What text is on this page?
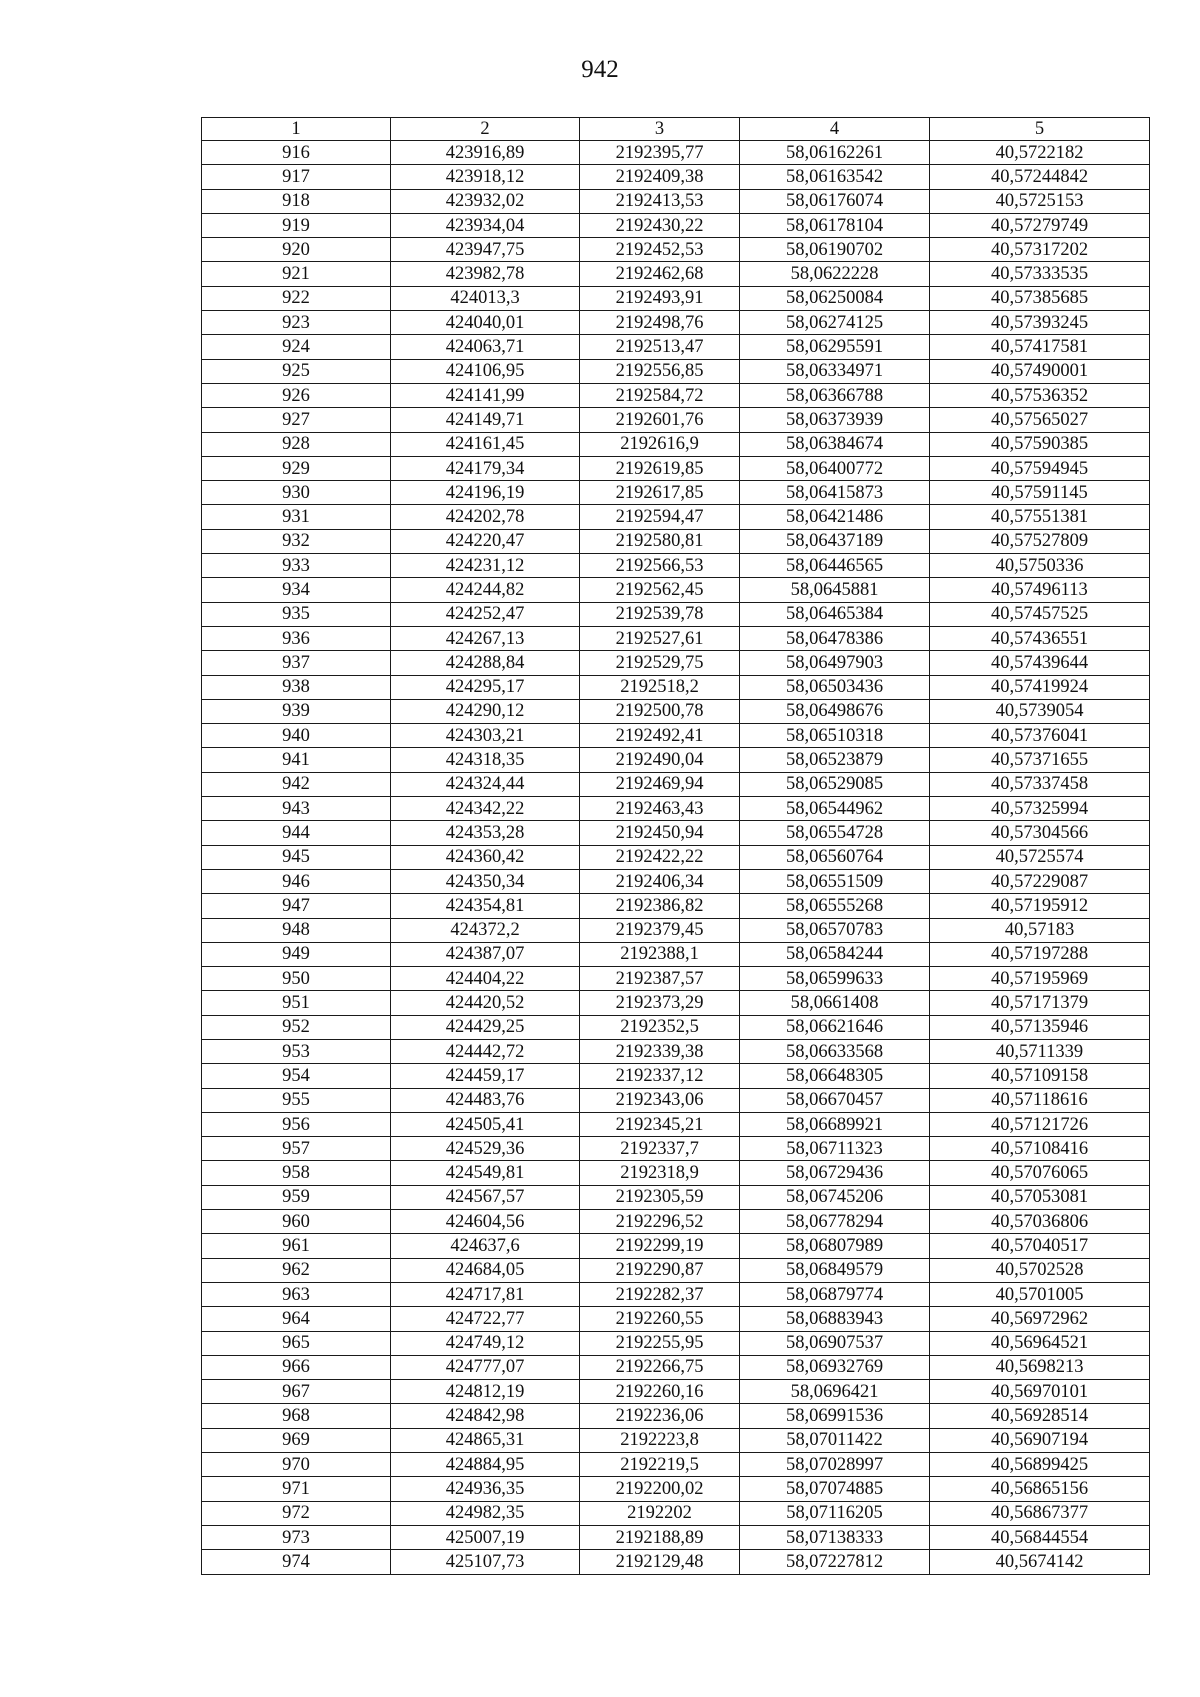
942
1	2	3	4	5
916	423916,89	2192395,77	58,06162261	40,5722182
917	423918,12	2192409,38	58,06163542	40,57244842
918	423932,02	2192413,53	58,06176074	40,5725153
919	423934,04	2192430,22	58,06178104	40,57279749
920	423947,75	2192452,53	58,06190702	40,57317202
921	423982,78	2192462,68	58,0622228	40,57333535
922	424013,3	2192493,91	58,06250084	40,57385685
923	424040,01	2192498,76	58,06274125	40,57393245
924	424063,71	2192513,47	58,06295591	40,57417581
925	424106,95	2192556,85	58,06334971	40,57490001
926	424141,99	2192584,72	58,06366788	40,57536352
927	424149,71	2192601,76	58,06373939	40,57565027
928	424161,45	2192616,9	58,06384674	40,57590385
929	424179,34	2192619,85	58,06400772	40,57594945
930	424196,19	2192617,85	58,06415873	40,57591145
931	424202,78	2192594,47	58,06421486	40,57551381
932	424220,47	2192580,81	58,06437189	40,57527809
933	424231,12	2192566,53	58,06446565	40,5750336
934	424244,82	2192562,45	58,0645881	40,57496113
935	424252,47	2192539,78	58,06465384	40,57457525
936	424267,13	2192527,61	58,06478386	40,57436551
937	424288,84	2192529,75	58,06497903	40,57439644
938	424295,17	2192518,2	58,06503436	40,57419924
939	424290,12	2192500,78	58,06498676	40,5739054
940	424303,21	2192492,41	58,06510318	40,57376041
941	424318,35	2192490,04	58,06523879	40,57371655
942	424324,44	2192469,94	58,06529085	40,57337458
943	424342,22	2192463,43	58,06544962	40,57325994
944	424353,28	2192450,94	58,06554728	40,57304566
945	424360,42	2192422,22	58,06560764	40,5725574
946	424350,34	2192406,34	58,06551509	40,57229087
947	424354,81	2192386,82	58,06555268	40,57195912
948	424372,2	2192379,45	58,06570783	40,57183
949	424387,07	2192388,1	58,06584244	40,57197288
950	424404,22	2192387,57	58,06599633	40,57195969
951	424420,52	2192373,29	58,0661408	40,57171379
952	424429,25	2192352,5	58,06621646	40,57135946
953	424442,72	2192339,38	58,06633568	40,5711339
954	424459,17	2192337,12	58,06648305	40,57109158
955	424483,76	2192343,06	58,06670457	40,57118616
956	424505,41	2192345,21	58,06689921	40,57121726
957	424529,36	2192337,7	58,06711323	40,57108416
958	424549,81	2192318,9	58,06729436	40,57076065
959	424567,57	2192305,59	58,06745206	40,57053081
960	424604,56	2192296,52	58,06778294	40,57036806
961	424637,6	2192299,19	58,06807989	40,57040517
962	424684,05	2192290,87	58,06849579	40,5702528
963	424717,81	2192282,37	58,06879774	40,5701005
964	424722,77	2192260,55	58,06883943	40,56972962
965	424749,12	2192255,95	58,06907537	40,56964521
966	424777,07	2192266,75	58,06932769	40,5698213
967	424812,19	2192260,16	58,0696421	40,56970101
968	424842,98	2192236,06	58,06991536	40,56928514
969	424865,31	2192223,8	58,07011422	40,56907194
970	424884,95	2192219,5	58,07028997	40,56899425
971	424936,35	2192200,02	58,07074885	40,56865156
972	424982,35	2192202	58,07116205	40,56867377
973	425007,19	2192188,89	58,07138333	40,56844554
974	425107,73	2192129,48	58,07227812	40,5674142
